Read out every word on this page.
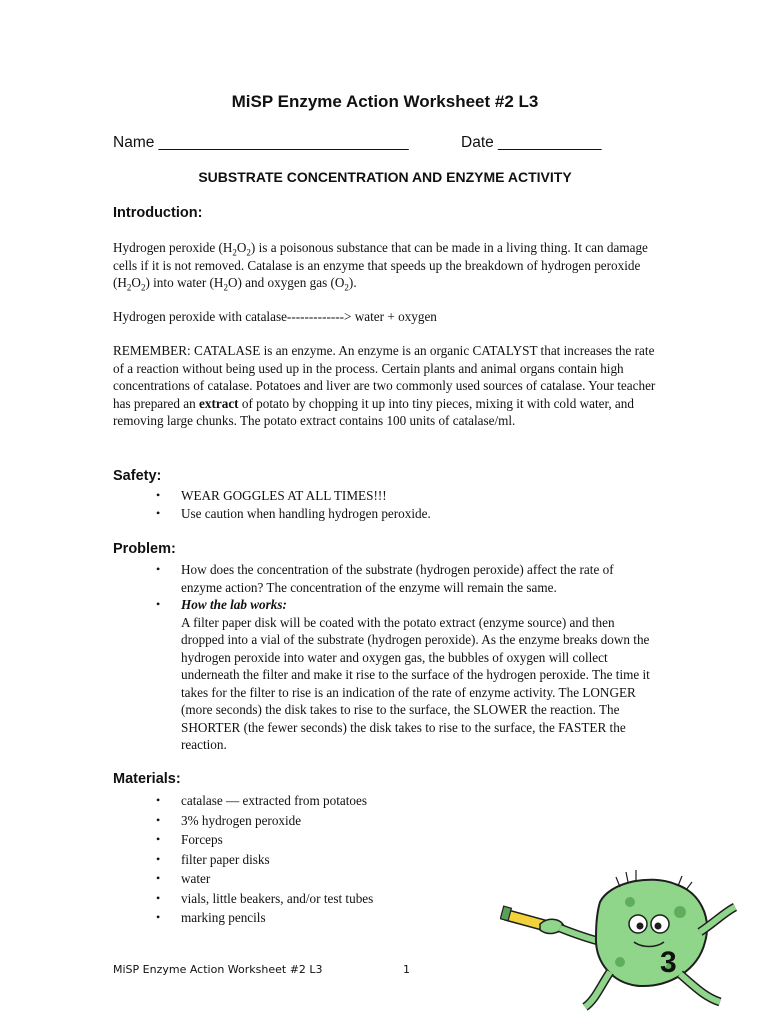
MiSP Enzyme Action Worksheet #2 L3
Name _____________________________	Date ____________
SUBSTRATE CONCENTRATION AND ENZYME ACTIVITY
Introduction:
Hydrogen peroxide $(H_2O_2)$ is a poisonous substance that can be made in a living thing. It can damage cells if it is not removed. Catalase is an enzyme that speeds up the breakdown of hydrogen peroxide $(H_2O_2)$ into water $(H_2O)$ and oxygen gas $(O_2)$.
Hydrogen peroxide with catalase-------------> water + oxygen
REMEMBER: CATALASE is an enzyme. An enzyme is an organic CATALYST that increases the rate of a reaction without being used up in the process. Certain plants and animal organs contain high concentrations of catalase. Potatoes and liver are two commonly used sources of catalase. Your teacher has prepared an extract of potato by chopping it up into tiny pieces, mixing it with cold water, and removing large chunks. The potato extract contains 100 units of catalase/ml.
Safety:
• WEAR GOGGLES AT ALL TIMES!!!
• Use caution when handling hydrogen peroxide.
Problem:
• How does the concentration of the substrate (hydrogen peroxide) affect the rate of enzyme action? The concentration of the enzyme will remain the same.
• How the lab works:
A filter paper disk will be coated with the potato extract (enzyme source) and then dropped into a vial of the substrate (hydrogen peroxide). As the enzyme breaks down the hydrogen peroxide into water and oxygen gas, the bubbles of oxygen will collect underneath the filter and make it rise to the surface of the hydrogen peroxide. The time it takes for the filter to rise is an indication of the rate of enzyme activity. The LONGER (more seconds) the disk takes to rise to the surface, the SLOWER the reaction. The SHORTER (the fewer seconds) the disk takes to rise to the surface, the FASTER the reaction.
Materials:
• catalase — extracted from potatoes
• 3% hydrogen peroxide
• Forceps
• filter paper disks
• water
• vials, little beakers, and/or test tubes
• marking pencils
3
MiSP Enzyme Action Worksheet #2 L3	1
